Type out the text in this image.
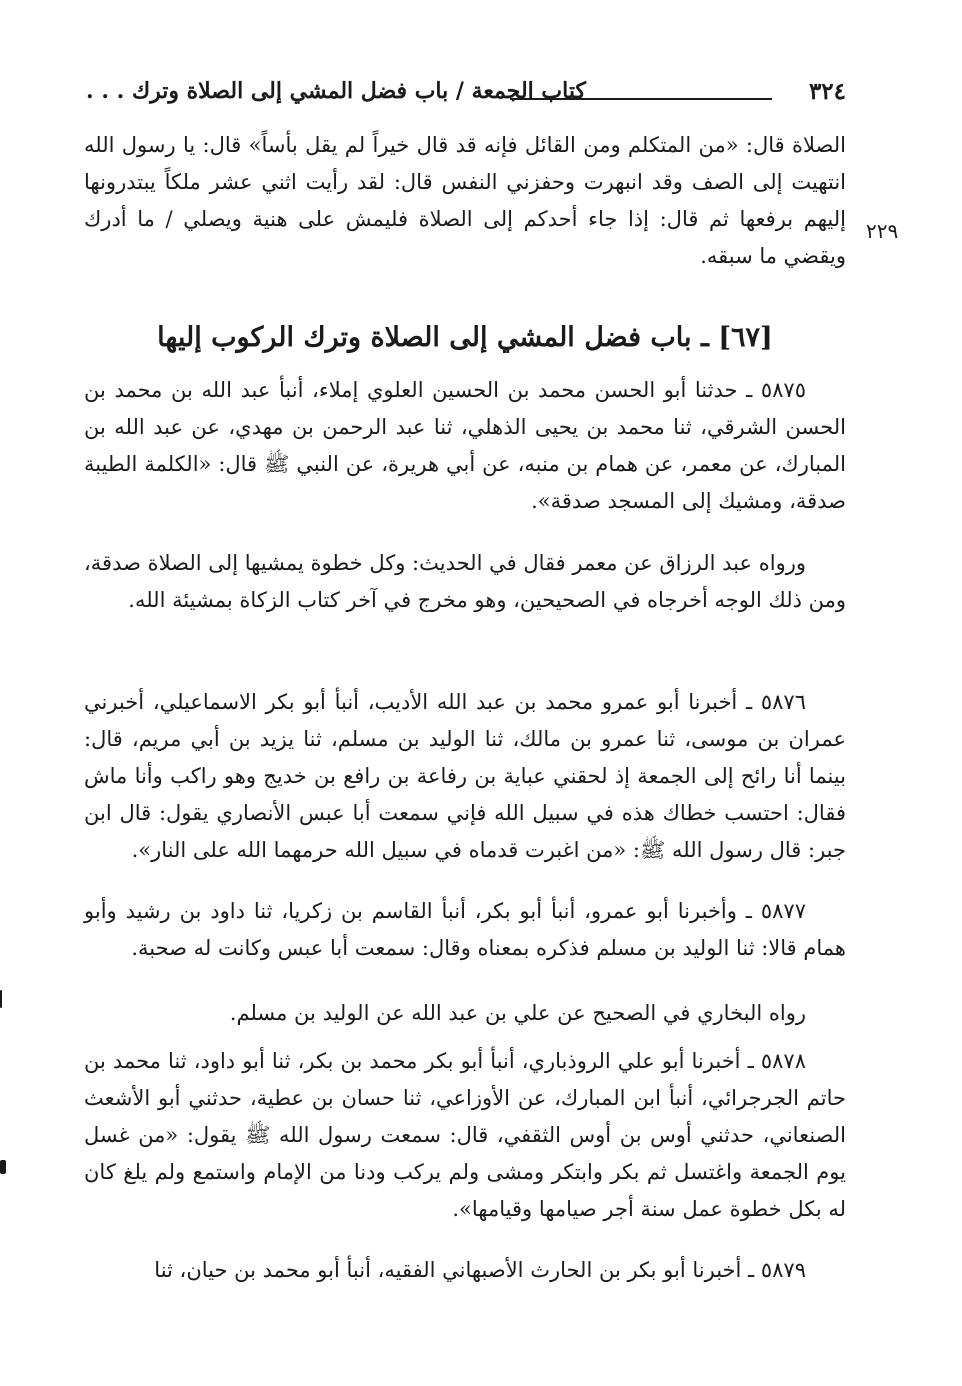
٣٢٤
كتاب الجمعة / باب فضل المشي إلى الصلاة وترك . . .
٢٢٩

الصلاة قال: «من المتكلم ومن القائل فإنه قد قال خيراً لم يقل بأساً» قال: يا رسول الله انتهيت إلى الصف وقد انبهرت وحفزني النفس قال: لقد رأيت اثني عشر ملكاً يبتدرونها إليهم برفعها ثم قال: إذا جاء أحدكم إلى الصلاة فليمش على هنية ويصلي / ما أدرك ويقضي ما سبقه.

[٦٧] ـ باب فضل المشي إلى الصلاة وترك الركوب إليها

٥٨٧٥ ـ حدثنا أبو الحسن محمد بن الحسين العلوي إملاء، أنبأ عبد الله بن محمد بن الحسن الشرقي، ثنا محمد بن يحيى الذهلي، ثنا عبد الرحمن بن مهدي، عن عبد الله بن المبارك، عن معمر، عن همام بن منبه، عن أبي هريرة، عن النبي ﷺ قال: «الكلمة الطيبة صدقة، ومشيك إلى المسجد صدقة».

ورواه عبد الرزاق عن معمر فقال في الحديث: وكل خطوة يمشيها إلى الصلاة صدقة، ومن ذلك الوجه أخرجاه في الصحيحين، وهو مخرج في آخر كتاب الزكاة بمشيئة الله.

٥٨٧٦ ـ أخبرنا أبو عمرو محمد بن عبد الله الأديب، أنبأ أبو بكر الاسماعيلي، أخبرني عمران بن موسى، ثنا عمرو بن مالك، ثنا الوليد بن مسلم، ثنا يزيد بن أبي مريم، قال: بينما أنا رائح إلى الجمعة إذ لحقني عباية بن رفاعة بن رافع بن خديج وهو راكب وأنا ماش فقال: احتسب خطاك هذه في سبيل الله فإني سمعت أبا عبس الأنصاري يقول: قال ابن جبر: قال رسول الله ﷺ: «من اغبرت قدماه في سبيل الله حرمهما الله على النار».

٥٨٧٧ ـ وأخبرنا أبو عمرو، أنبأ أبو بكر، أنبأ القاسم بن زكريا، ثنا داود بن رشيد وأبو همام قالا: ثنا الوليد بن مسلم فذكره بمعناه وقال: سمعت أبا عبس وكانت له صحبة.

رواه البخاري في الصحيح عن علي بن عبد الله عن الوليد بن مسلم.

٥٨٧٨ ـ أخبرنا أبو علي الروذباري، أنبأ أبو بكر محمد بن بكر، ثنا أبو داود، ثنا محمد بن حاتم الجرجرائي، أنبأ ابن المبارك، عن الأوزاعي، ثنا حسان بن عطية، حدثني أبو الأشعث الصنعاني، حدثني أوس بن أوس الثقفي، قال: سمعت رسول الله ﷺ يقول: «من غسل يوم الجمعة واغتسل ثم بكر وابتكر ومشى ولم يركب ودنا من الإمام واستمع ولم يلغ كان له بكل خطوة عمل سنة أجر صيامها وقيامها».

٥٨٧٩ ـ أخبرنا أبو بكر بن الحارث الأصبهاني الفقيه، أنبأ أبو محمد بن حيان، ثنا
